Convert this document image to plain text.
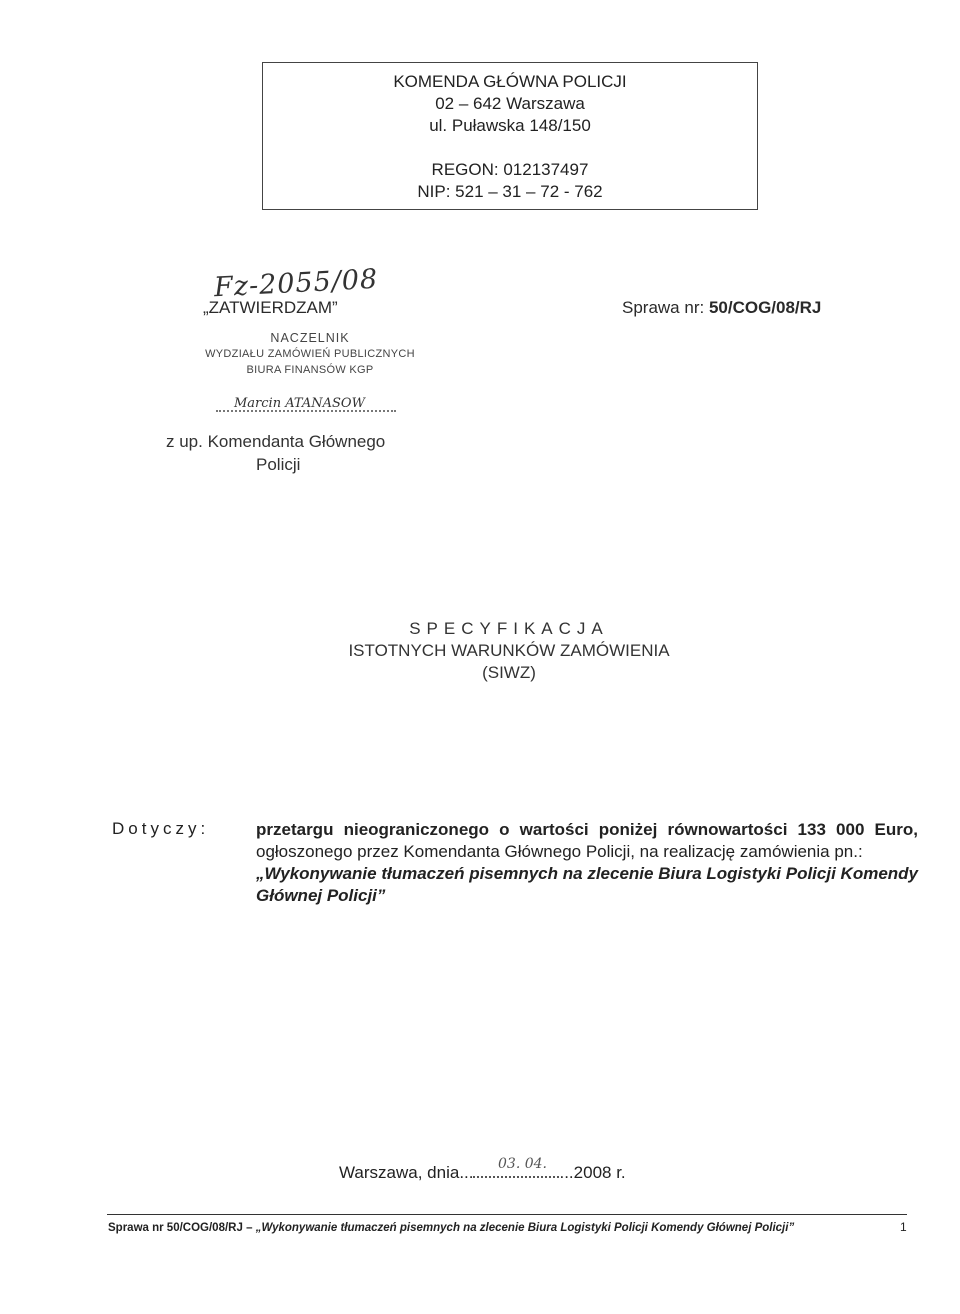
KOMENDA GŁÓWNA POLICJI
02 – 642 Warszawa
ul. Puławska 148/150
REGON: 012137497
NIP: 521 – 31 – 72 - 762
Fz-2055/08
„ZATWIERDZAM”	Sprawa nr: 50/COG/08/RJ
NACZELNIK
WYDZIAŁU ZAMÓWIEŃ PUBLICZNYCH
BIURA FINANSÓW KGP
Marcin ATANASOW
z up. Komendanta Głównego
Policji
SPECYFIKACJA
ISTOTNYCH WARUNKÓW ZAMÓWIENIA
(SIWZ)
Dotyczy:	przetargu nieograniczonego o wartości poniżej równowartości 133 000 Euro, ogłoszonego przez Komendanta Głównego Policji, na realizację zamówienia pn.:
„Wykonywanie tłumaczeń pisemnych na zlecenie Biura Logistyki Policji Komendy Głównej Policji”
Warszawa, dnia...	...2008 r.
03. 04.
Sprawa nr 50/COG/08/RJ – „Wykonywanie tłumaczeń pisemnych na zlecenie Biura Logistyki Policji Komendy Głównej Policji”	1
